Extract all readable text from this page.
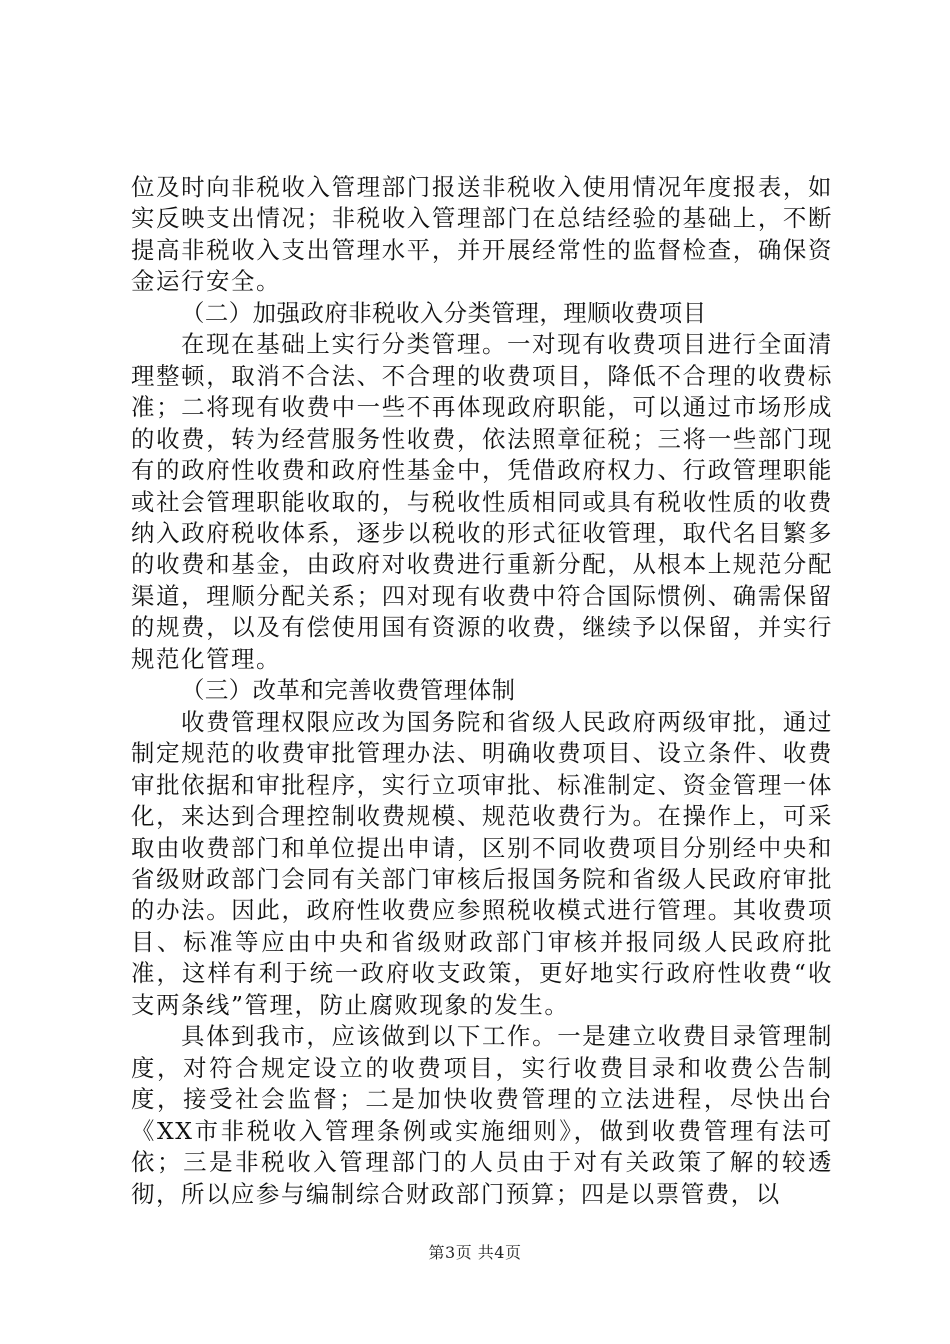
位及时向非税收入管理部门报送非税收入使用情况年度报表，如实反映支出情况；非税收入管理部门在总结经验的基础上，不断提高非税收入支出管理水平，并开展经常性的监督检查，确保资金运行安全。

（二）加强政府非税收入分类管理，理顺收费项目

在现在基础上实行分类管理。一对现有收费项目进行全面清理整顿，取消不合法、不合理的收费项目，降低不合理的收费标准；二将现有收费中一些不再体现政府职能，可以通过市场形成的收费，转为经营服务性收费，依法照章征税；三将一些部门现有的政府性收费和政府性基金中，凭借政府权力、行政管理职能或社会管理职能收取的，与税收性质相同或具有税收性质的收费纳入政府税收体系，逐步以税收的形式征收管理，取代名目繁多的收费和基金，由政府对收费进行重新分配，从根本上规范分配渠道，理顺分配关系；四对现有收费中符合国际惯例、确需保留的规费，以及有偿使用国有资源的收费，继续予以保留，并实行规范化管理。

（三）改革和完善收费管理体制

收费管理权限应改为国务院和省级人民政府两级审批，通过制定规范的收费审批管理办法、明确收费项目、设立条件、收费审批依据和审批程序，实行立项审批、标准制定、资金管理一体化，来达到合理控制收费规模、规范收费行为。在操作上，可采取由收费部门和单位提出申请，区别不同收费项目分别经中央和省级财政部门会同有关部门审核后报国务院和省级人民政府审批的办法。因此，政府性收费应参照税收模式进行管理。其收费项目、标准等应由中央和省级财政部门审核并报同级人民政府批准，这样有利于统一政府收支政策，更好地实行政府性收费“收支两条线”管理，防止腐败现象的发生。

具体到我市，应该做到以下工作。一是建立收费目录管理制度，对符合规定设立的收费项目，实行收费目录和收费公告制度，接受社会监督；二是加快收费管理的立法进程，尽快出台《XX市非税收入管理条例或实施细则》，做到收费管理有法可依；三是非税收入管理部门的人员由于对有关政策了解的较透彻，所以应参与编制综合财政部门预算；四是以票管费，以

第3页 共4页
